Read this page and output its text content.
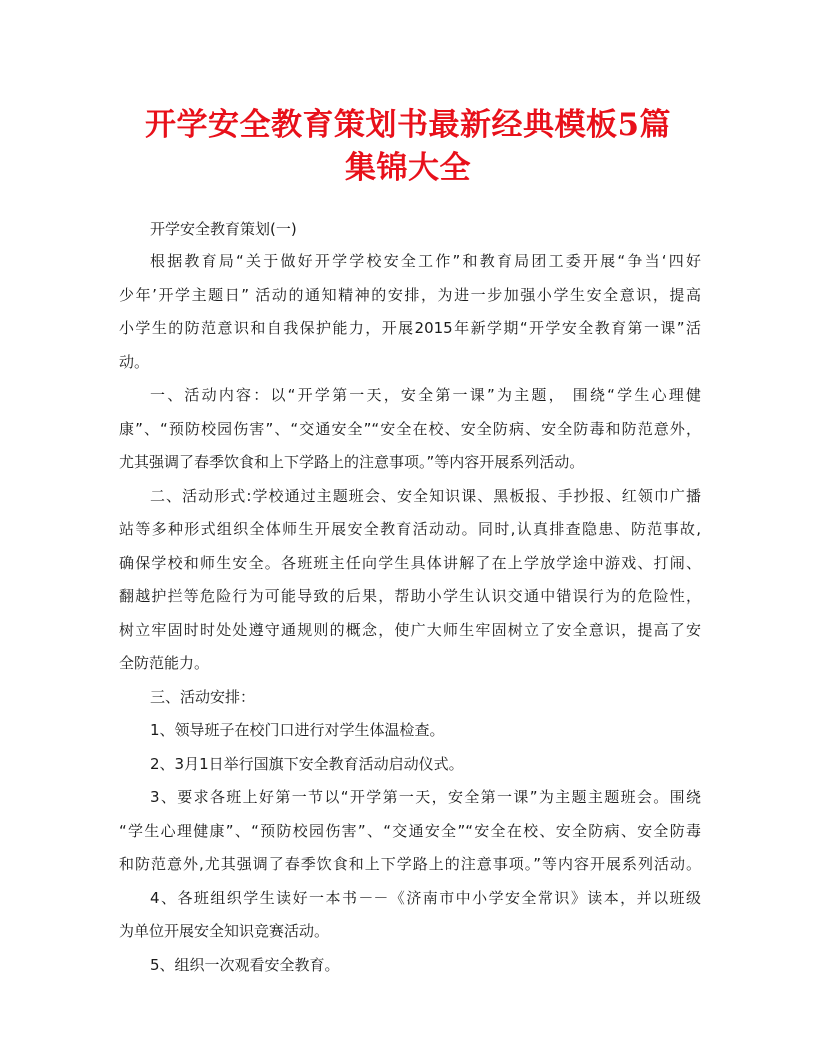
开学安全教育策划书最新经典模板5篇
集锦大全
开学安全教育策划(一)
根据教育局“关于做好开学学校安全工作”和教育局团工委开展“争当‘四好
少年’开学主题日” 活动的通知精神的安排，为进一步加强小学生安全意识，提高
小学生的防范意识和自我保护能力，开展2015年新学期“开学安全教育第一课”活
动。
一、活动内容：以“开学第一天，安全第一课”为主题， 围绕“学生心理健
康”、“预防校园伤害”、“交通安全”“安全在校、安全防病、安全防毒和防范意外，
尤其强调了春季饮食和上下学路上的注意事项。”等内容开展系列活动。
二、活动形式:学校通过主题班会、安全知识课、黑板报、手抄报、红领巾广播
站等多种形式组织全体师生开展安全教育活动动。同时,认真排查隐患、防范事故,
确保学校和师生安全。各班班主任向学生具体讲解了在上学放学途中游戏、打闹、
翻越护拦等危险行为可能导致的后果，帮助小学生认识交通中错误行为的危险性，
树立牢固时时处处遵守通规则的概念，使广大师生牢固树立了安全意识，提高了安
全防范能力。
三、活动安排：
1、领导班子在校门口进行对学生体温检查。
2、3月1日举行国旗下安全教育活动启动仪式。
3、要求各班上好第一节以“开学第一天，安全第一课”为主题主题班会。围绕
“学生心理健康”、“预防校园伤害”、“交通安全”“安全在校、安全防病、安全防毒
和防范意外,尤其强调了春季饮食和上下学路上的注意事项。”等内容开展系列活动。
4、各班组织学生读好一本书－－《济南市中小学安全常识》读本，并以班级
为单位开展安全知识竞赛活动。
5、组织一次观看安全教育。
